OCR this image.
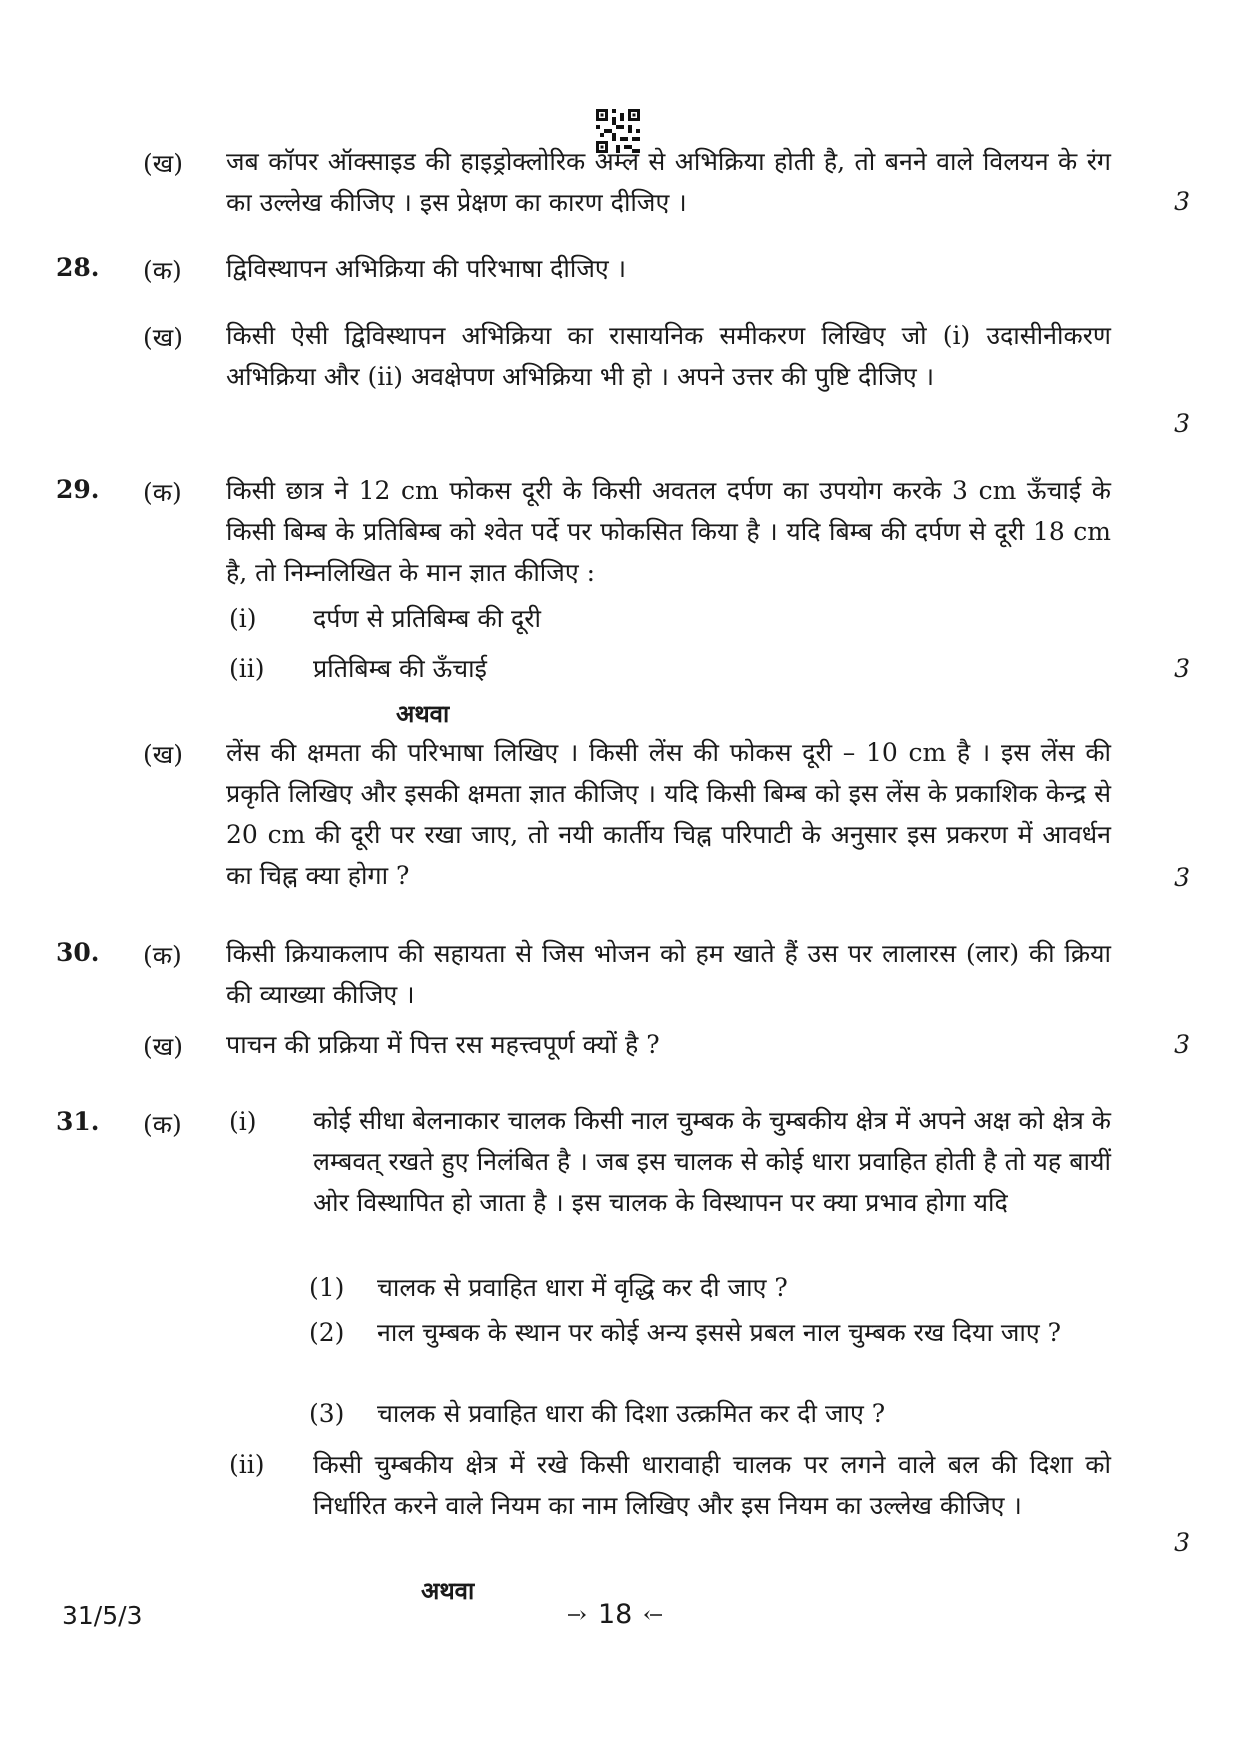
(ख) जब कॉपर ऑक्साइड की हाइड्रोक्लोरिक अम्ल से अभिक्रिया होती है, तो बनने वाले विलयन के रंग का उल्लेख कीजिए । इस प्रेक्षण का कारण दीजिए ।	3
28. (क) द्विविस्थापन अभिक्रिया की परिभाषा दीजिए ।
(ख) किसी ऐसी द्विविस्थापन अभिक्रिया का रासायनिक समीकरण लिखिए जो (i) उदासीनीकरण अभिक्रिया और (ii) अवक्षेपण अभिक्रिया भी हो । अपने उत्तर की पुष्टि दीजिए ।
3
29. (क) किसी छात्र ने 12 cm फोकस दूरी के किसी अवतल दर्पण का उपयोग करके 3 cm ऊँचाई के किसी बिम्ब के प्रतिबिम्ब को श्वेत पर्दे पर फोकसित किया है । यदि बिम्ब की दर्पण से दूरी 18 cm है, तो निम्नलिखित के मान ज्ञात कीजिए :
(i) दर्पण से प्रतिबिम्ब की दूरी
(ii) प्रतिबिम्ब की ऊँचाई	3
अथवा
(ख) लेंस की क्षमता की परिभाषा लिखिए । किसी लेंस की फोकस दूरी – 10 cm है । इस लेंस की प्रकृति लिखिए और इसकी क्षमता ज्ञात कीजिए । यदि किसी बिम्ब को इस लेंस के प्रकाशिक केन्द्र से 20 cm की दूरी पर रखा जाए, तो नयी कार्तीय चिह्न परिपाटी के अनुसार इस प्रकरण में आवर्धन का चिह्न क्या होगा ?	3
30. (क) किसी क्रियाकलाप की सहायता से जिस भोजन को हम खाते हैं उस पर लालारस (लार) की क्रिया की व्याख्या कीजिए ।
(ख) पाचन की प्रक्रिया में पित्त रस महत्त्वपूर्ण क्यों है ?	3
31. (क) (i) कोई सीधा बेलनाकार चालक किसी नाल चुम्बक के चुम्बकीय क्षेत्र में अपने अक्ष को क्षेत्र के लम्बवत् रखते हुए निलंबित है । जब इस चालक से कोई धारा प्रवाहित होती है तो यह बायीं ओर विस्थापित हो जाता है । इस चालक के विस्थापन पर क्या प्रभाव होगा यदि
(1) चालक से प्रवाहित धारा में वृद्धि कर दी जाए ?
(2) नाल चुम्बक के स्थान पर कोई अन्य इससे प्रबल नाल चुम्बक रख दिया जाए ?
(3) चालक से प्रवाहित धारा की दिशा उत्क्रमित कर दी जाए ?
(ii) किसी चुम्बकीय क्षेत्र में रखे किसी धारावाही चालक पर लगने वाले बल की दिशा को निर्धारित करने वाले नियम का नाम लिखिए और इस नियम का उल्लेख कीजिए ।
3
अथवा
31/5/3	18
